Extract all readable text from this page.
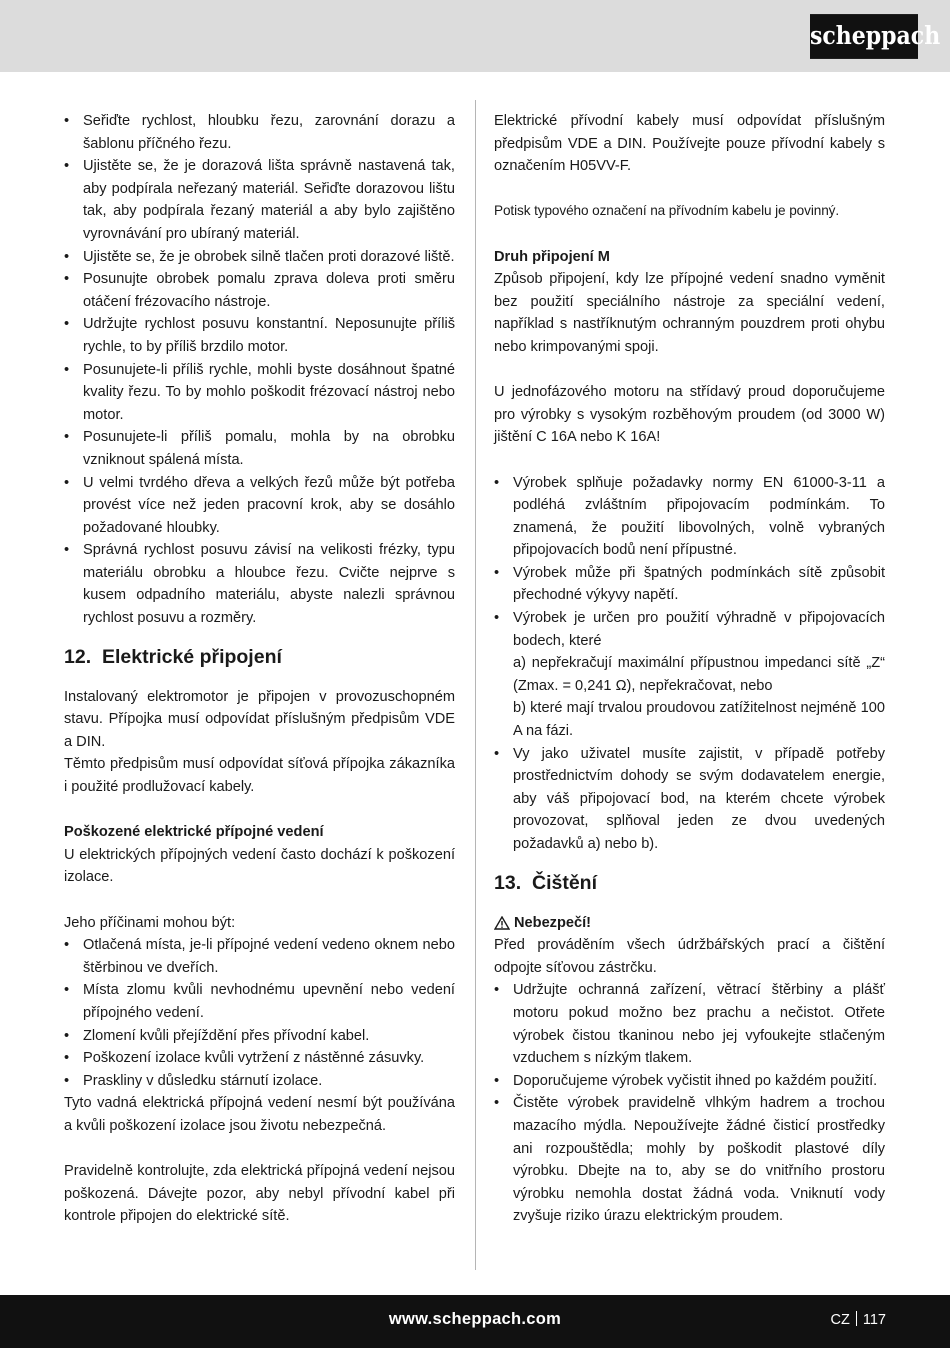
scheppach
• Seřiďte rychlost, hloubku řezu, zarovnání dorazu a šablonu příčného řezu.
• Ujistěte se, že je dorazová lišta správně nastavená tak, aby podpírala neřezaný materiál. Seřiďte dorazovou lištu tak, aby podpírala řezaný materiál a aby bylo zajištěno vyrovnávání pro ubíraný materiál.
• Ujistěte se, že je obrobek silně tlačen proti dorazové liště.
• Posunujte obrobek pomalu zprava doleva proti směru otáčení frézovacího nástroje.
• Udržujte rychlost posuvu konstantní. Neposunujte příliš rychle, to by příliš brzdilo motor.
• Posunujete-li příliš rychle, mohli byste dosáhnout špatné kvality řezu. To by mohlo poškodit frézovací nástroj nebo motor.
• Posunujete-li příliš pomalu, mohla by na obrobku vzniknout spálená místa.
• U velmi tvrdého dřeva a velkých řezů může být potřeba provést více než jeden pracovní krok, aby se dosáhlo požadované hloubky.
• Správná rychlost posuvu závisí na velikosti frézky, typu materiálu obrobku a hloubce řezu. Cvičte nejprve s kusem odpadního materiálu, abyste nalezli správnou rychlost posuvu a rozměry.
12. Elektrické připojení

Instalovaný elektromotor je připojen v provozuschopném stavu. Přípojka musí odpovídat příslušným předpisům VDE a DIN.

Těmto předpisům musí odpovídat síťová přípojka zákazníka i použité prodlužovací kabely.

Poškozené elektrické přípojné vedení

U elektrických přípojných vedení často dochází k poškození izolace.

Jeho příčinami mohou být:

• Otlačená místa, je-li přípojné vedení vedeno oknem nebo štěrbinou ve dveřích.
• Místa zlomu kvůli nevhodnému upevnění nebo vedení přípojného vedení.
• Zlomení kvůli přejíždění přes přívodní kabel.
• Poškození izolace kvůli vytržení z nástěnné zásuvky.
• Praskliny v důsledku stárnutí izolace.

Tyto vadná elektrická přípojná vedení nesmí být používána a kvůli poškození izolace jsou životu nebezpečná.

Pravidelně kontrolujte, zda elektrická přípojná vedení nejsou poškozená. Dávejte pozor, aby nebyl přívodní kabel při kontrole připojen do elektrické sítě.

Elektrické přívodní kabely musí odpovídat příslušným předpisům VDE a DIN. Používejte pouze přívodní kabely s označením H05VV-F.

Potisk typového označení na přívodním kabelu je povinný.

Druh připojení M

Způsob připojení, kdy lze přípojné vedení snadno vyměnit bez použití speciálního nástroje za speciální vedení, například s nastříknutým ochranným pouzdrem proti ohybu nebo krimpovanými spoji.

U jednofázového motoru na střídavý proud doporučujeme pro výrobky s vysokým rozběhovým proudem (od 3000 W) jištění C 16A nebo K 16A!

• Výrobek splňuje požadavky normy EN 61000-3-11 a podléhá zvláštním připojovacím podmínkám. To znamená, že použití libovolných, volně vybraných připojovacích bodů není přípustné.
• Výrobek může při špatných podmínkách sítě způsobit přechodné výkyvy napětí.
• Výrobek je určen pro použití výhradně v připojovacích bodech, které
a) nepřekračují maximální přípustnou impedanci sítě „Z“ (Zmax. = 0,241 Ω), nepřekračovat, nebo
b) které mají trvalou proudovou zatížitelnost nejméně 100 A na fázi.
• Vy jako uživatel musíte zajistit, v případě potřeby prostřednictvím dohody se svým dodavatelem energie, aby váš připojovací bod, na kterém chcete výrobek provozovat, splňoval jeden ze dvou uvedených požadavků a) nebo b).
13. Čištění
Nebezpečí!

Před prováděním všech údržbářských prací a čištění odpojte síťovou zástrčku.

• Udržujte ochranná zařízení, větrací štěrbiny a plášť motoru pokud možno bez prachu a nečistot. Otřete výrobek čistou tkaninou nebo jej vyfoukejte stlačeným vzduchem s nízkým tlakem.
• Doporučujeme výrobek vyčistit ihned po každém použití.
• Čistěte výrobek pravidelně vlhkým hadrem a trochou mazacího mýdla. Nepoužívejte žádné čisticí prostředky ani rozpouštědla; mohly by poškodit plastové díly výrobku. Dbejte na to, aby se do vnitřního prostoru výrobku nemohla dostat žádná voda. Vniknutí vody zvyšuje riziko úrazu elektrickým proudem.
www.scheppach.com	CZ 117
